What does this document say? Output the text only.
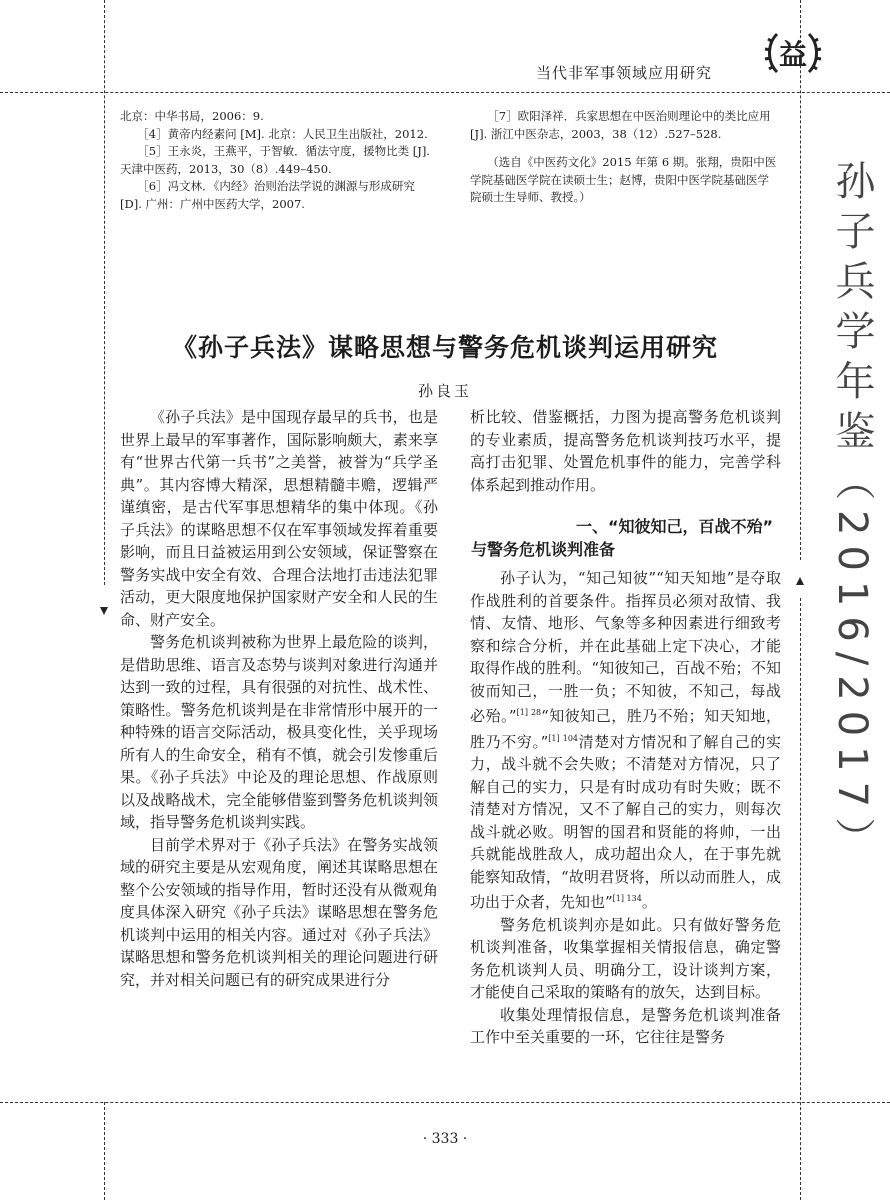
当代非军事领域应用研究
益
孙子兵学年鉴（2016/2017）

北京：中华书局，2006：9.

［4］黄帝内经素问 [M]. 北京：人民卫生出版社，2012.

［5］王永炎，王燕平，于智敏．循法守度，援物比类 [J]. 天津中医药，2013，30（8）.449–450.

［6］冯文林．《内经》治则治法学说的渊源与形成研究 [D]. 广州：广州中医药大学，2007.

［7］欧阳泽祥．兵家思想在中医治则理论中的类比应用 [J]. 浙江中医杂志，2003，38（12）.527–528.

（选自《中医药文化》2015 年第 6 期。张翔，贵阳中医学院基础医学院在读硕士生；赵博，贵阳中医学院基础医学院硕士生导师、教授。）

《孙子兵法》谋略思想与警务危机谈判运用研究
孙良玉

《孙子兵法》是中国现存最早的兵书，也是世界上最早的军事著作，国际影响颇大，素来享有“世界古代第一兵书”之美誉，被誉为“兵学圣典”。其内容博大精深，思想精髓丰赡，逻辑严谨缜密，是古代军事思想精华的集中体现。《孙子兵法》的谋略思想不仅在军事领域发挥着重要影响，而且日益被运用到公安领域，保证警察在警务实战中安全有效、合理合法地打击违法犯罪活动，更大限度地保护国家财产安全和人民的生命、财产安全。

警务危机谈判被称为世界上最危险的谈判，是借助思维、语言及态势与谈判对象进行沟通并达到一致的过程，具有很强的对抗性、战术性、策略性。警务危机谈判是在非常情形中展开的一种特殊的语言交际活动，极具变化性，关乎现场所有人的生命安全，稍有不慎，就会引发惨重后果。《孙子兵法》中论及的理论思想、作战原则以及战略战术，完全能够借鉴到警务危机谈判领域，指导警务危机谈判实践。

目前学术界对于《孙子兵法》在警务实战领域的研究主要是从宏观角度，阐述其谋略思想在整个公安领域的指导作用，暂时还没有从微观角度具体深入研究《孙子兵法》谋略思想在警务危机谈判中运用的相关内容。通过对《孙子兵法》谋略思想和警务危机谈判相关的理论问题进行研究，并对相关问题已有的研究成果进行分

析比较、借鉴概括，力图为提高警务危机谈判的专业素质，提高警务危机谈判技巧水平，提高打击犯罪、处置危机事件的能力，完善学科体系起到推动作用。

一、“知彼知己，百战不殆”
与警务危机谈判准备

孙子认为，“知己知彼”“知天知地”是夺取作战胜利的首要条件。指挥员必须对敌情、我情、友情、地形、气象等多种因素进行细致考察和综合分析，并在此基础上定下决心，才能取得作战的胜利。“知彼知己，百战不殆；不知彼而知己，一胜一负；不知彼，不知己，每战必殆。”$^{[1] 28}$“知彼知己，胜乃不殆；知天知地，胜乃不穷。”$^{[1] 104}$清楚对方情况和了解自己的实力，战斗就不会失败；不清楚对方情况，只了解自己的实力，只是有时成功有时失败；既不清楚对方情况，又不了解自己的实力，则每次战斗就必败。明智的国君和贤能的将帅，一出兵就能战胜敌人，成功超出众人，在于事先就能察知敌情，“故明君贤将，所以动而胜人，成功出于众者，先知也”$^{[1] 134}$。

警务危机谈判亦是如此。只有做好警务危机谈判准备，收集掌握相关情报信息，确定警务危机谈判人员、明确分工，设计谈判方案，才能使自己采取的策略有的放矢，达到目标。

收集处理情报信息，是警务危机谈判准备工作中至关重要的一环，它往往是警务

· 333 ·
